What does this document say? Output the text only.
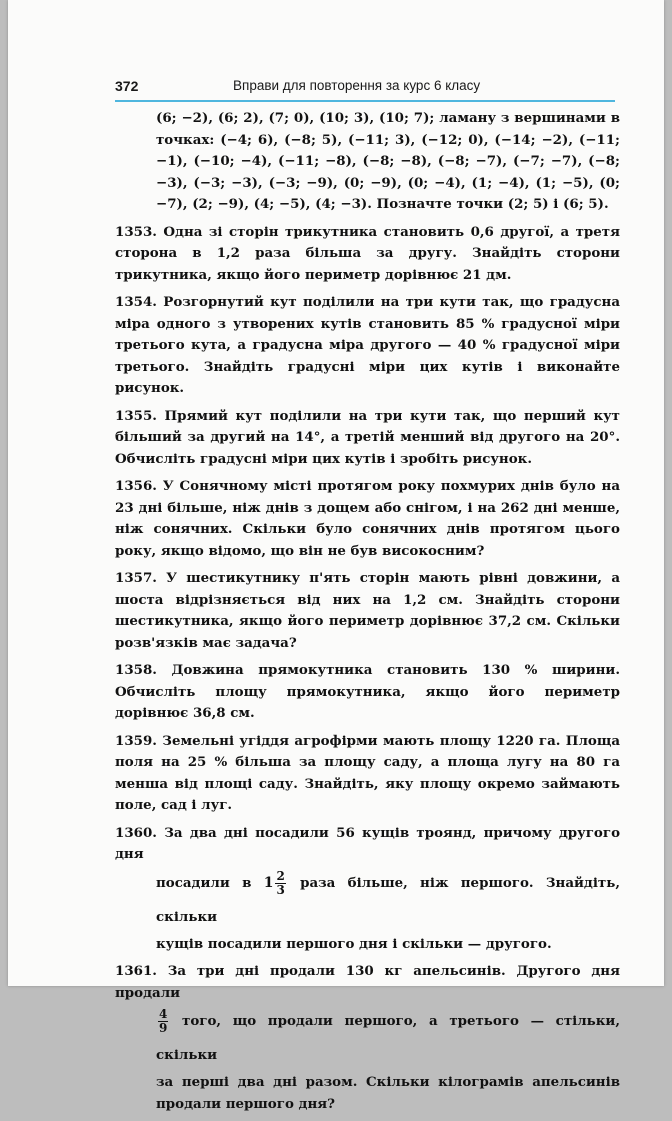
372	Вправи для повторення за курс 6 класу
(6; −2), (6; 2), (7; 0), (10; 3), (10; 7); ламану з вершинами в точках: (−4; 6), (−8; 5), (−11; 3), (−12; 0), (−14; −2), (−11; −1), (−10; −4), (−11; −8), (−8; −8), (−8; −7), (−7; −7), (−8; −3), (−3; −3), (−3; −9), (0; −9), (0; −4), (1; −4), (1; −5), (0; −7), (2; −9), (4; −5), (4; −3). Позначте точки (2; 5) і (6; 5).
1353. Одна зі сторін трикутника становить 0,6 другої, а третя сторона в 1,2 раза більша за другу. Знайдіть сторони трикутника, якщо його периметр дорівнює 21 дм.
1354. Розгорнутий кут поділили на три кути так, що градусна міра одного з утворених кутів становить 85 % градусної міри третього кута, а градусна міра другого — 40 % градусної міри третього. Знайдіть градусні міри цих кутів і виконайте рисунок.
1355. Прямий кут поділили на три кути так, що перший кут більший за другий на 14°, а третій менший від другого на 20°. Обчисліть градусні міри цих кутів і зробіть рисунок.
1356. У Сонячному місті протягом року похмурих днів було на 23 дні більше, ніж днів з дощем або снігом, і на 262 дні менше, ніж сонячних. Скільки було сонячних днів протягом цього року, якщо відомо, що він не був високосним?
1357. У шестикутнику п'ять сторін мають рівні довжини, а шоста відрізняється від них на 1,2 см. Знайдіть сторони шестикутника, якщо його периметр дорівнює 37,2 см. Скільки розв'язків має задача?
1358. Довжина прямокутника становить 130 % ширини. Обчисліть площу прямокутника, якщо його периметр дорівнює 36,8 см.
1359. Земельні угіддя агрофірми мають площу 1220 га. Площа поля на 25 % більша за площу саду, а площа лугу на 80 га менша від площі саду. Знайдіть, яку площу окремо займають поле, сад і луг.

1360. За два дні посадили 56 кущів троянд, причому другого дня

посадили в $1 \frac{2}{3}$ раза більше, ніж першого. Знайдіть, скільки

кущів посадили першого дня і скільки — другого.

1361. За три дні продали 130 кг апельсинів. Другого дня продали

$\frac{4}{9}$ того, що продали першого, а третього — стільки, скільки

за перші два дні разом. Скільки кілограмів апельсинів продали першого дня?
